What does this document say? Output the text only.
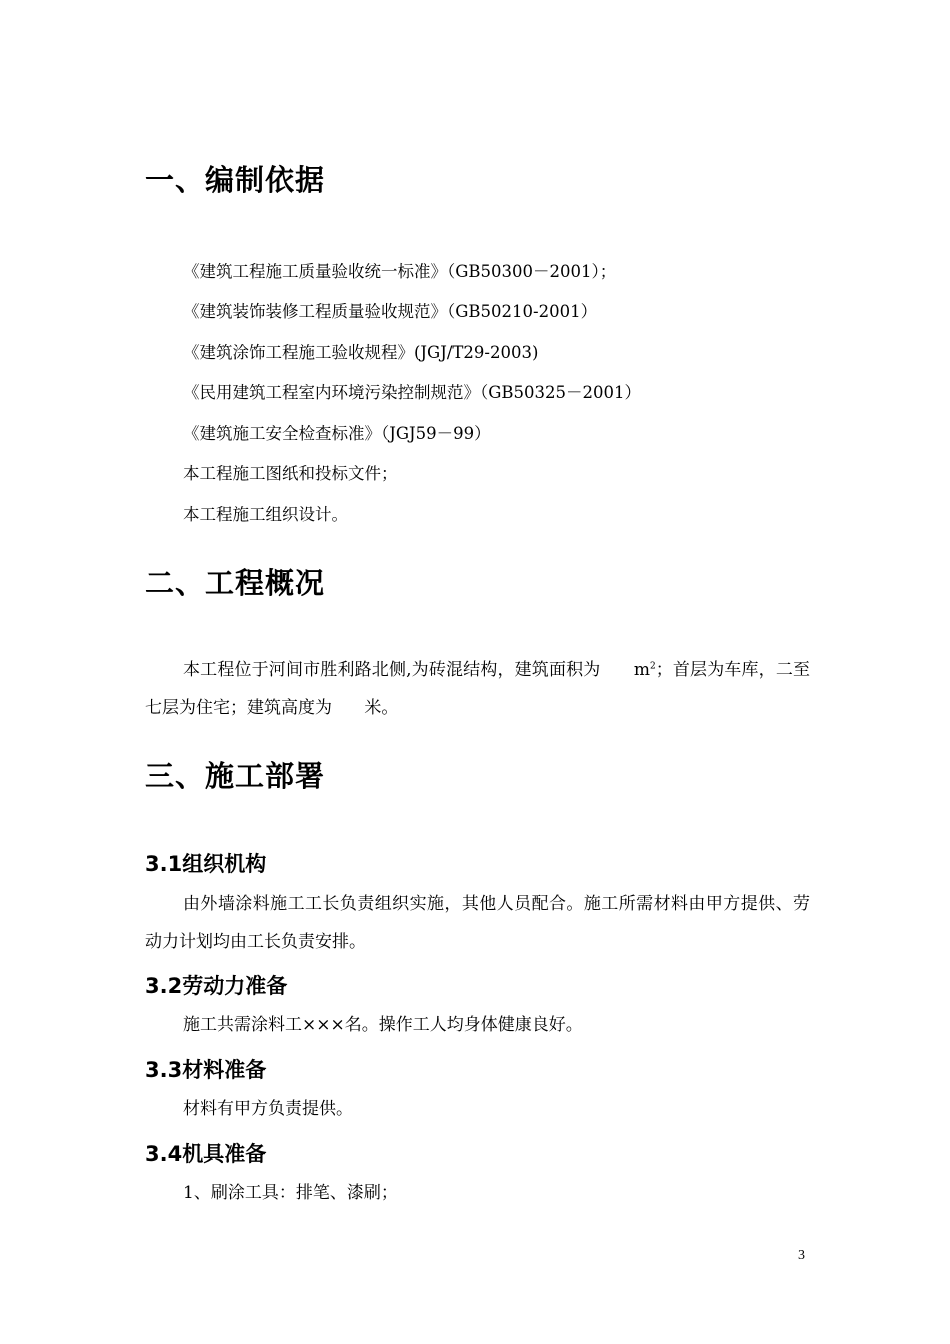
一、编制依据

《建筑工程施工质量验收统一标准》（GB50300－2001）；

《建筑装饰装修工程质量验收规范》（GB50210-2001）

《建筑涂饰工程施工验收规程》(JGJ/T29-2003)

《民用建筑工程室内环境污染控制规范》（GB50325－2001）

《建筑施工安全检查标准》（JGJ59－99）

本工程施工图纸和投标文件；

本工程施工组织设计。

二、工程概况

本工程位于河间市胜利路北侧,为砖混结构，建筑面积为      $m^2$；首层为车库，二至七层为住宅；建筑高度为      米。

三、施工部署
3.1组织机构

由外墙涂料施工工长负责组织实施，其他人员配合。施工所需材料由甲方提供、劳动力计划均由工长负责安排。

3.2劳动力准备

施工共需涂料工×××名。操作工人均身体健康良好。

3.3材料准备

材料有甲方负责提供。

3.4机具准备

1、刷涂工具：排笔、漆刷；

3
